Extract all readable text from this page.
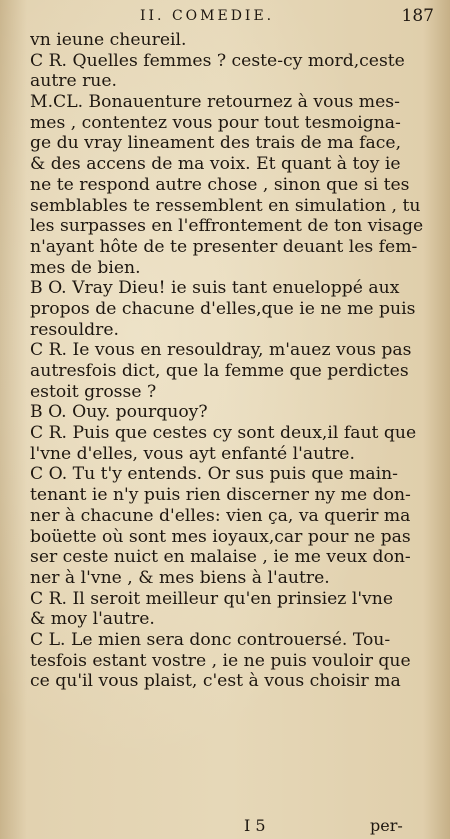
II. COMEDIE.	187
vn ieune cheureil.
C R. Quelles femmes ? ceste-cy mord,ceste
autre rue.
M.CL. Bonauenture retournez à vous mes-
mes , contentez vous pour tout tesmoigna-
ge du vray lineament des trais de ma face,
& des accens de ma voix. Et quant à toy ie
ne te respond autre chose , sinon que si tes
semblables te ressemblent en simulation , tu
les surpasses en l'effrontement de ton visage
n'ayant hôte de te presenter deuant les fem-
mes de bien.
B O. Vray Dieu! ie suis tant enueloppé aux
propos de chacune d'elles,que ie ne me puis
resouldre.
C R. Ie vous en resouldray, m'auez vous pas
autresfois dict, que la femme que perdictes
estoit grosse ?
B O. Ouy. pourquoy?
C R. Puis que cestes cy sont deux,il faut que
l'vne d'elles, vous ayt enfanté l'autre.
C O. Tu t'y entends. Or sus puis que main-
tenant ie n'y puis rien discerner ny me don-
ner à chacune d'elles: vien ça, va querir ma
boüette où sont mes ioyaux,car pour ne pas
ser ceste nuict en malaise , ie me veux don-
ner à l'vne , & mes biens à l'autre.
C R. Il seroit meilleur qu'en prinsiez l'vne
& moy l'autre.
C L. Le mien sera donc controuersé. Tou-
tesfois estant vostre , ie ne puis vouloir que
ce qu'il vous plaist, c'est à vous choisir ma
I 5	per-
